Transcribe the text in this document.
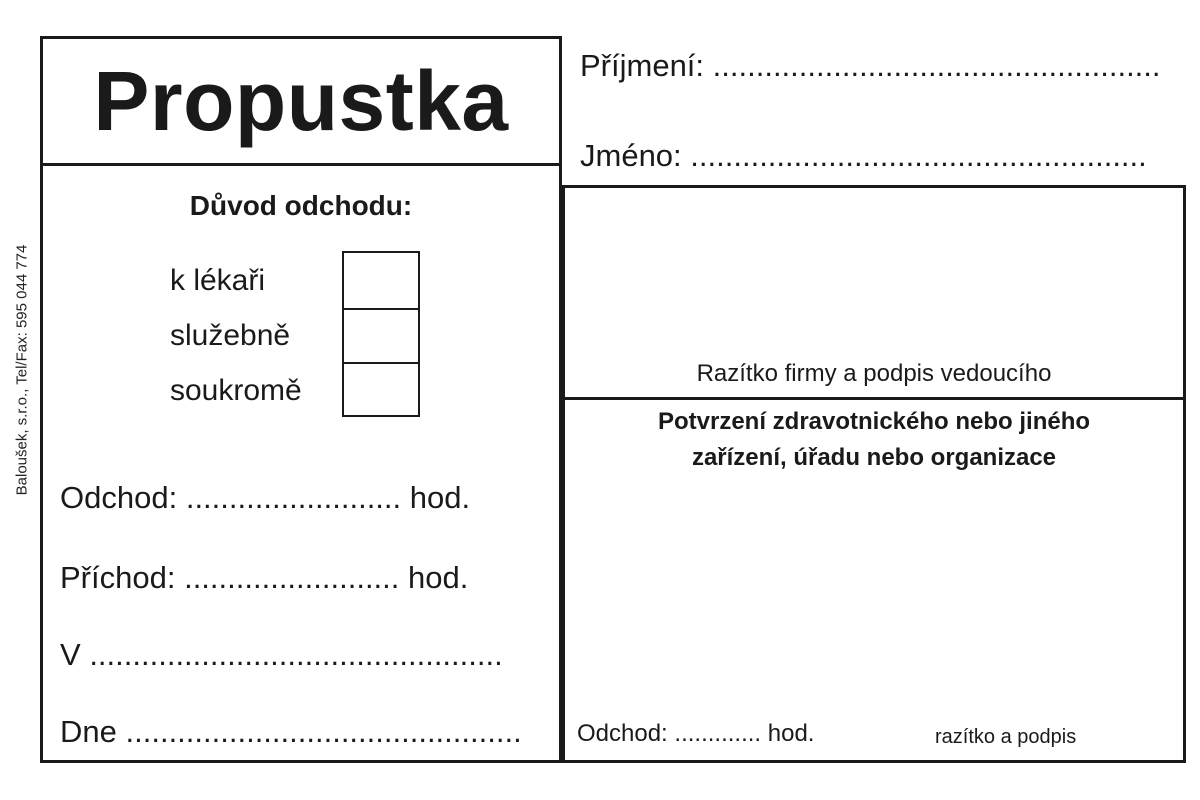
Propustka
Baloušek, s.r.o., Tel/Fax: 595 044 774
Příjmení: ....................................................
Jméno: .....................................................
Důvod odchodu:
k lékaři
služebně
soukromě
Odchod: ......................... hod.
Příchod: ......................... hod.
V ................................................
Dne ..............................................
Razítko firmy a podpis vedoucího
Potvrzení zdravotnického nebo jiného
zařízení, úřadu nebo organizace
Odchod: ............. hod.	razítko a podpis
